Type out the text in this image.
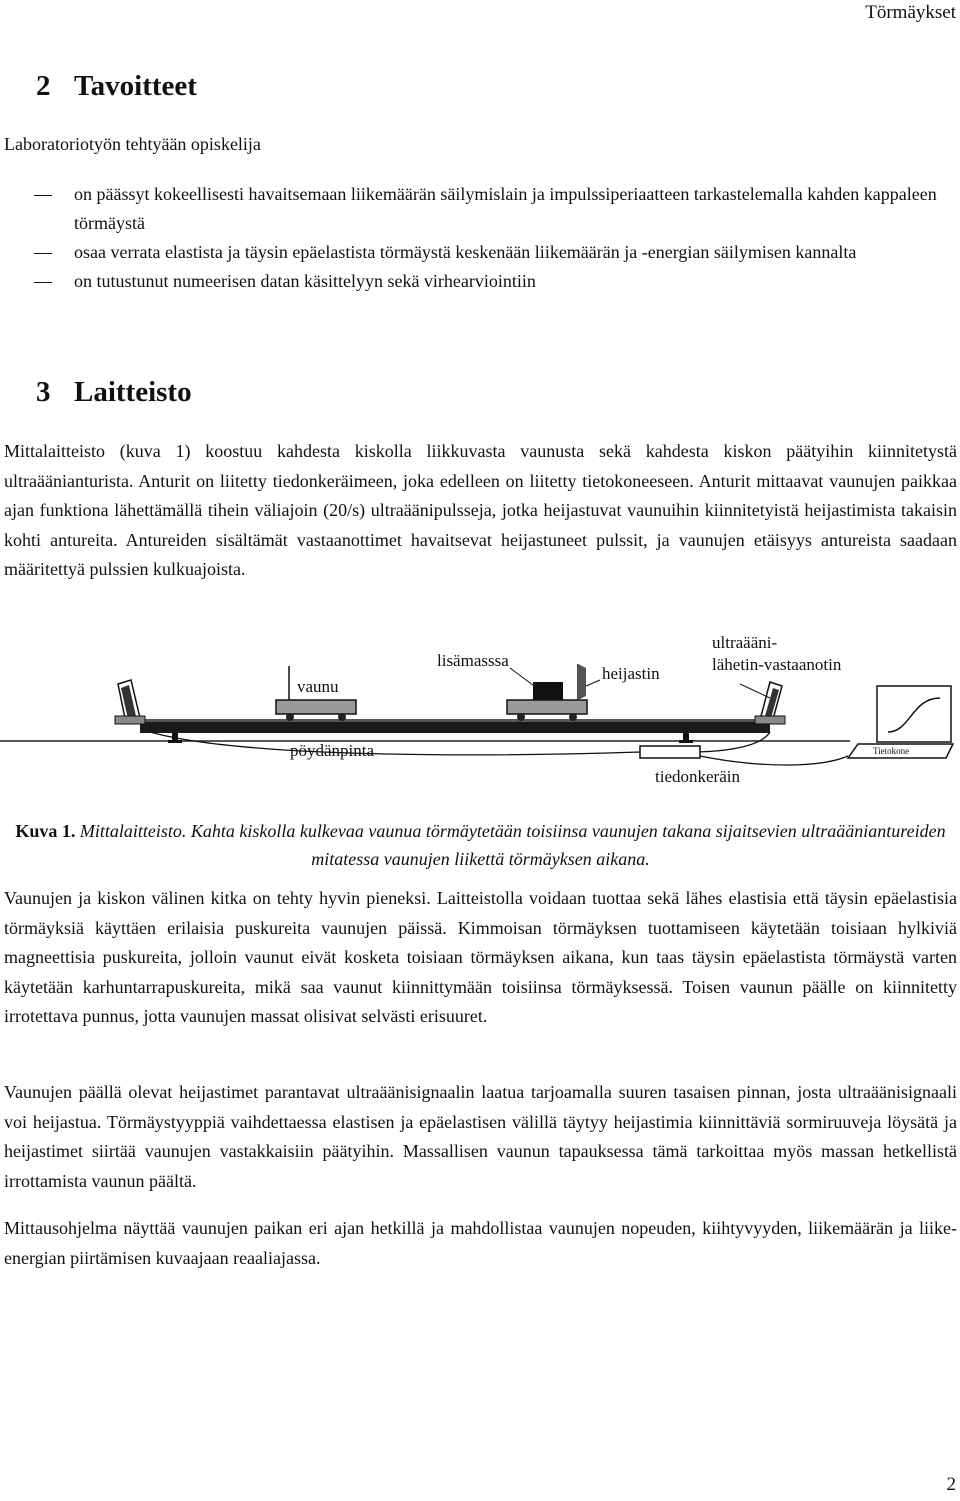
Törmäykset
2 Tavoitteet
Laboratoriotyön tehtyään opiskelija
on päässyt kokeellisesti havaitsemaan liikemäärän säilymislain ja impulssiperiaatteen tarkastelemalla kahden kappaleen törmäystä
osaa verrata elastista ja täysin epäelastista törmäystä keskenään liikemäärän ja -energian säilymisen kannalta
on tutustunut numeerisen datan käsittelyyn sekä virhearviointiin
3 Laitteisto

Mittalaitteisto (kuva 1) koostuu kahdesta kiskolla liikkuvasta vaunusta sekä kahdesta kiskon päätyihin kiinnitetystä ultraäänianturista. Anturit on liitetty tiedonkeräimeen, joka edelleen on liitetty tietokoneeseen. Anturit mittaavat vaunujen paikkaa ajan funktiona lähettämällä tihein väliajoin (20/s) ultraäänipulsseja, jotka heijastuvat vaunuihin kiinnitetyistä heijastimista takaisin kohti antureita. Antureiden sisältämät vastaanottimet havaitsevat heijastuneet pulssit, ja vaunujen etäisyys antureista saadaan määritettyä pulssien kulkuajoista.

vaunu
lisämasssa
heijastin
ultraääni-
lähetin-vastaanotin
pöydänpinta
tiedonkeräin
Tietokone
Kuva 1. Mittalaitteisto. Kahta kiskolla kulkevaa vaunua törmäytetään toisiinsa vaunujen takana sijaitsevien ultraääniantureiden mitatessa vaunujen liikettä törmäyksen aikana.

Vaunujen ja kiskon välinen kitka on tehty hyvin pieneksi. Laitteistolla voidaan tuottaa sekä lähes elastisia että täysin epäelastisia törmäyksiä käyttäen erilaisia puskureita vaunujen päissä. Kimmoisan törmäyksen tuottamiseen käytetään toisiaan hylkiviä magneettisia puskureita, jolloin vaunut eivät kosketa toisiaan törmäyksen aikana, kun taas täysin epäelastista törmäystä varten käytetään karhuntarrapuskureita, mikä saa vaunut kiinnittymään toisiinsa törmäyksessä. Toisen vaunun päälle on kiinnitetty irrotettava punnus, jotta vaunujen massat olisivat selvästi erisuuret.

Vaunujen päällä olevat heijastimet parantavat ultraäänisignaalin laatua tarjoamalla suuren tasaisen pinnan, josta ultraäänisignaali voi heijastua. Törmäystyyppiä vaihdettaessa elastisen ja epäelastisen välillä täytyy heijastimia kiinnittäviä sormiruuveja löysätä ja heijastimet siirtää vaunujen vastakkaisiin päätyihin. Massallisen vaunun tapauksessa tämä tarkoittaa myös massan hetkellistä irrottamista vaunun päältä.

Mittausohjelma näyttää vaunujen paikan eri ajan hetkillä ja mahdollistaa vaunujen nopeuden, kiihtyvyyden, liikemäärän ja liike-energian piirtämisen kuvaajaan reaaliajassa.

2
